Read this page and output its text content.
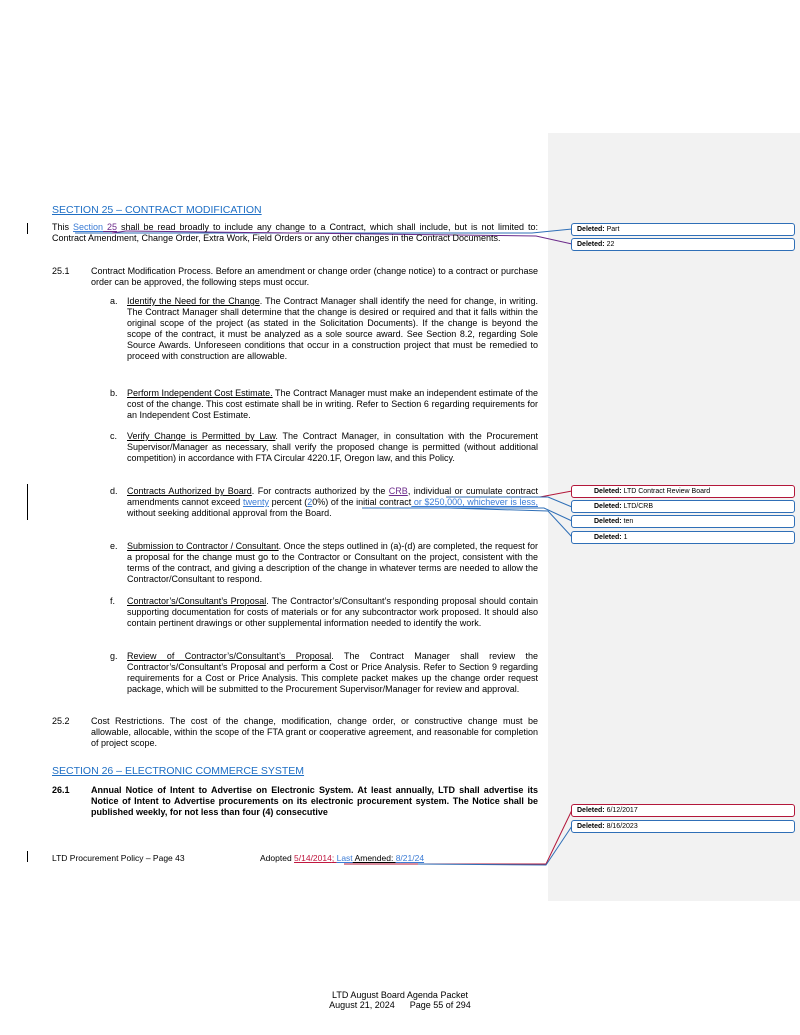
SECTION 25 – CONTRACT MODIFICATION
This Section 25 shall be read broadly to include any change to a Contract, which shall include, but is not limited to: Contract Amendment, Change Order, Extra Work, Field Orders or any other changes in the Contract Documents.
25.1 Contract Modification Process. Before an amendment or change order (change notice) to a contract or purchase order can be approved, the following steps must occur.
a. Identify the Need for the Change. The Contract Manager shall identify the need for change, in writing. The Contract Manager shall determine that the change is desired or required and that it falls within the original scope of the project (as stated in the Solicitation Documents). If the change is beyond the scope of the contract, it must be analyzed as a sole source award. See Section 8.2, regarding Sole Source Awards. Unforeseen conditions that occur in a construction project that must be remedied to proceed with construction are allowable.
b. Perform Independent Cost Estimate. The Contract Manager must make an independent estimate of the cost of the change. This cost estimate shall be in writing. Refer to Section 6 regarding requirements for an Independent Cost Estimate.
c. Verify Change is Permitted by Law. The Contract Manager, in consultation with the Procurement Supervisor/Manager as necessary, shall verify the proposed change is permitted (without additional competition) in accordance with FTA Circular 4220.1F, Oregon law, and this Policy.
d. Contracts Authorized by Board. For contracts authorized by the CRB, individual or cumulate contract amendments cannot exceed twenty percent (20%) of the initial contract or $250,000, whichever is less, without seeking additional approval from the Board.
e. Submission to Contractor / Consultant. Once the steps outlined in (a)-(d) are completed, the request for a proposal for the change must go to the Contractor or Consultant on the project, consistent with the terms of the contract, and giving a description of the change in whatever terms are needed to allow the Contractor/Consultant to respond.
f. Contractor’s/Consultant’s Proposal. The Contractor’s/Consultant’s responding proposal should contain supporting documentation for costs of materials or for any subcontractor work proposed. It should also contain pertinent drawings or other supplemental information needed to identify the work.
g. Review of Contractor’s/Consultant’s Proposal. The Contract Manager shall review the Contractor’s/Consultant’s Proposal and perform a Cost or Price Analysis. Refer to Section 9 regarding requirements for a Cost or Price Analysis. This complete packet makes up the change order request package, which will be submitted to the Procurement Supervisor/Manager for review and approval.
25.2 Cost Restrictions. The cost of the change, modification, change order, or constructive change must be allowable, allocable, within the scope of the FTA grant or cooperative agreement, and reasonable for completion of project scope.
SECTION 26 – ELECTRONIC COMMERCE SYSTEM
26.1 Annual Notice of Intent to Advertise on Electronic System. At least annually, LTD shall advertise its Notice of Intent to Advertise procurements on its electronic procurement system. The Notice shall be published weekly, for not less than four (4) consecutive
LTD Procurement Policy – Page 43	Adopted 5/14/2014; Last Amended: 8/21/24
Deleted: Part
Deleted: 22
Deleted: LTD Contract Review Board
Deleted: LTD/CRB
Deleted: ten
Deleted: 1
Deleted: 6/12/2017
Deleted: 8/16/2023
LTD August Board Agenda Packet
August 21, 2024 Page 55 of 294
